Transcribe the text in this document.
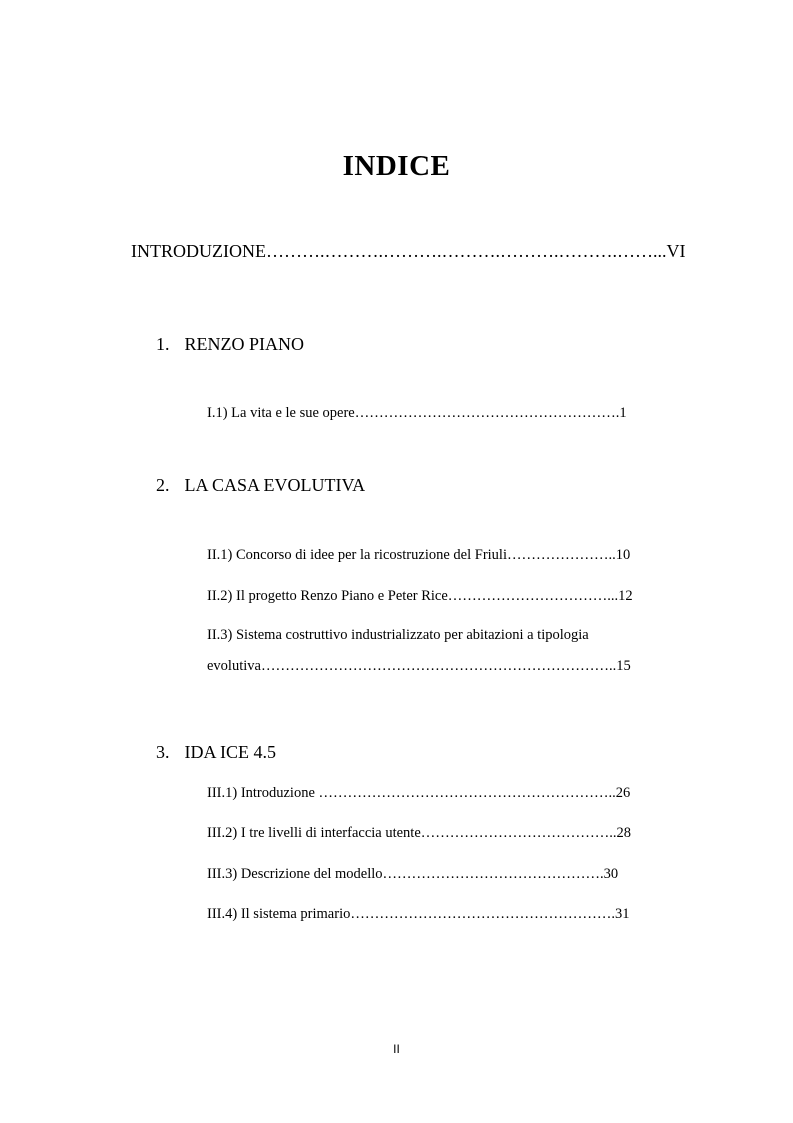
INDICE
INTRODUZIONE……….……….……….……….……….……….……...VI
1. RENZO PIANO
I.1) La vita e le sue opere……………………………………………….1
2. LA CASA EVOLUTIVA
II.1) Concorso di idee per la ricostruzione del Friuli…………………..10
II.2) Il progetto Renzo Piano e Peter Rice……………………………...12
II.3) Sistema costruttivo industrializzato per abitazioni a tipologia
evolutiva………………………………………………………………..15
3. IDA ICE 4.5
III.1) Introduzione ……………………………………………………..26
III.2) I tre livelli di interfaccia utente…………………………………..28
III.3) Descrizione del modello……………………………………….30
III.4) Il sistema primario……………………………………………….31
II
